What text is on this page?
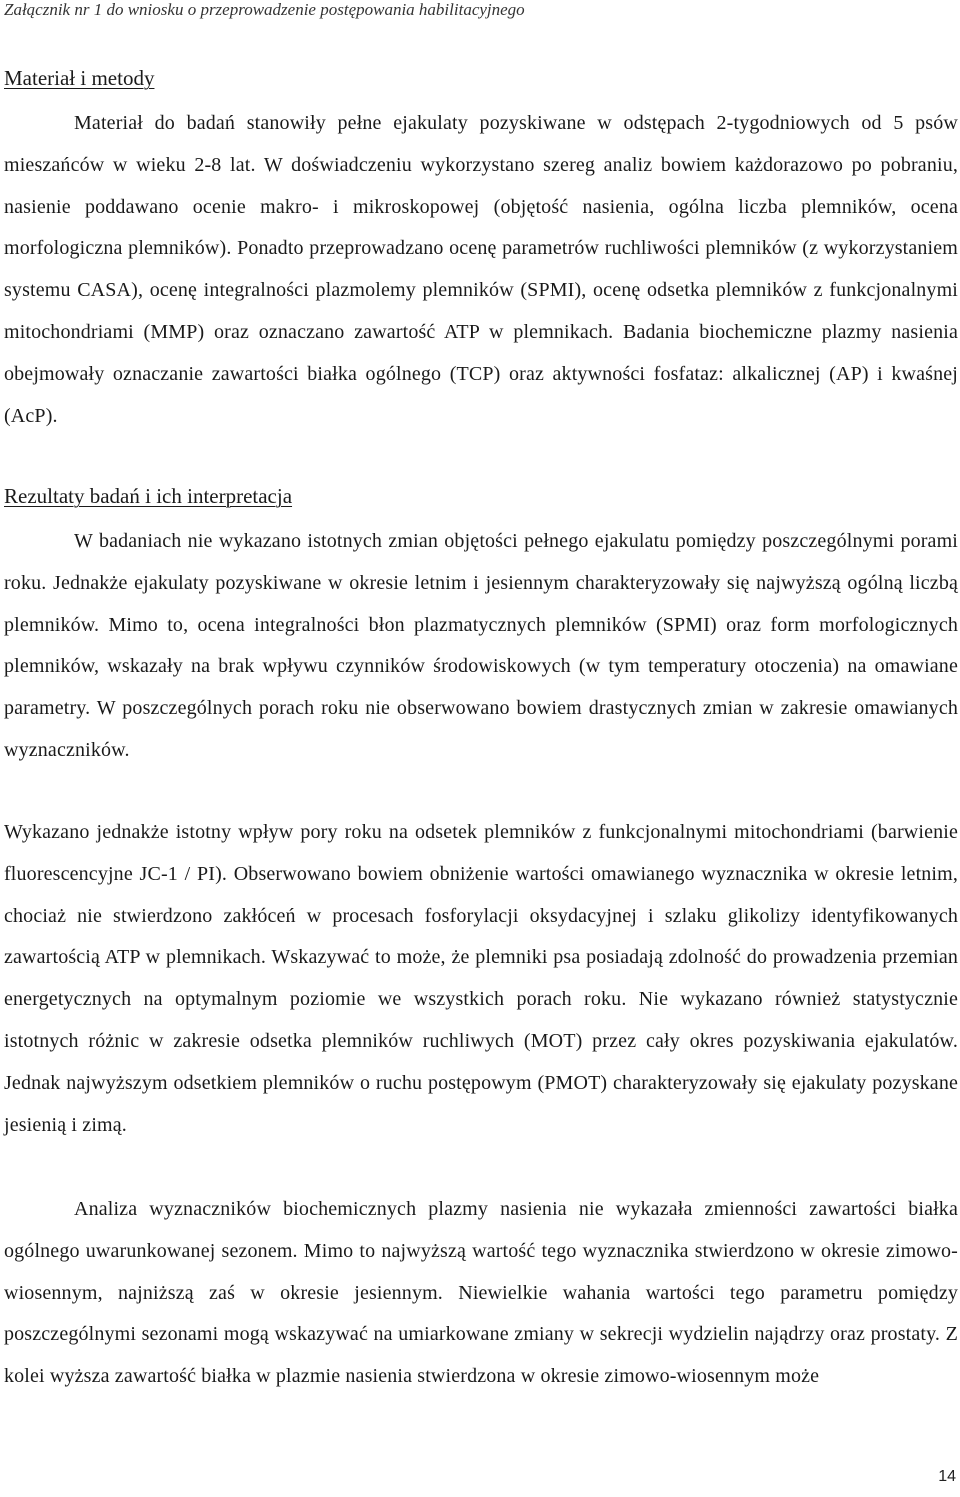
Załącznik nr 1 do wniosku o przeprowadzenie postępowania habilitacyjnego
Materiał i metody

Materiał do badań stanowiły pełne ejakulaty pozyskiwane w odstępach 2-tygodniowych od 5 psów mieszańców w wieku 2-8 lat. W doświadczeniu wykorzystano szereg analiz bowiem każdorazowo po pobraniu, nasienie poddawano ocenie makro- i mikroskopowej (objętość nasienia, ogólna liczba plemników, ocena morfologiczna plemników). Ponadto przeprowadzano ocenę parametrów ruchliwości plemników (z wykorzystaniem systemu CASA), ocenę integralności plazmolemy plemników (SPMI), ocenę odsetka plemników z funkcjonalnymi mitochondriami (MMP) oraz oznaczano zawartość ATP w plemnikach. Badania biochemiczne plazmy nasienia obejmowały oznaczanie zawartości białka ogólnego (TCP) oraz aktywności fosfataz: alkalicznej (AP) i kwaśnej (AcP).

Rezultaty badań i ich interpretacja

W badaniach nie wykazano istotnych zmian objętości pełnego ejakulatu pomiędzy poszczególnymi porami roku. Jednakże ejakulaty pozyskiwane w okresie letnim i jesiennym charakteryzowały się najwyższą ogólną liczbą plemników. Mimo to, ocena integralności błon plazmatycznych plemników (SPMI) oraz form morfologicznych plemników, wskazały na brak wpływu czynników środowiskowych (w tym temperatury otoczenia) na omawiane parametry. W poszczególnych porach roku nie obserwowano bowiem drastycznych zmian w zakresie omawianych wyznaczników.

Wykazano jednakże istotny wpływ pory roku na odsetek plemników z funkcjonalnymi mitochondriami (barwienie fluorescencyjne JC-1 / PI). Obserwowano bowiem obniżenie wartości omawianego wyznacznika w okresie letnim, chociaż nie stwierdzono zakłóceń w procesach fosforylacji oksydacyjnej i szlaku glikolizy identyfikowanych zawartością ATP w plemnikach. Wskazywać to może, że plemniki psa posiadają zdolność do prowadzenia przemian energetycznych na optymalnym poziomie we wszystkich porach roku. Nie wykazano również statystycznie istotnych różnic w zakresie odsetka plemników ruchliwych (MOT) przez cały okres pozyskiwania ejakulatów. Jednak najwyższym odsetkiem plemników o ruchu postępowym (PMOT) charakteryzowały się ejakulaty pozyskane jesienią i zimą.

Analiza wyznaczników biochemicznych plazmy nasienia nie wykazała zmienności zawartości białka ogólnego uwarunkowanej sezonem. Mimo to najwyższą wartość tego wyznacznika stwierdzono w okresie zimowo-wiosennym, najniższą zaś w okresie jesiennym. Niewielkie wahania wartości tego parametru pomiędzy poszczególnymi sezonami mogą wskazywać na umiarkowane zmiany w sekrecji wydzielin najądrzy oraz prostaty. Z kolei wyższa zawartość białka w plazmie nasienia stwierdzona w okresie zimowo-wiosennym może

14
